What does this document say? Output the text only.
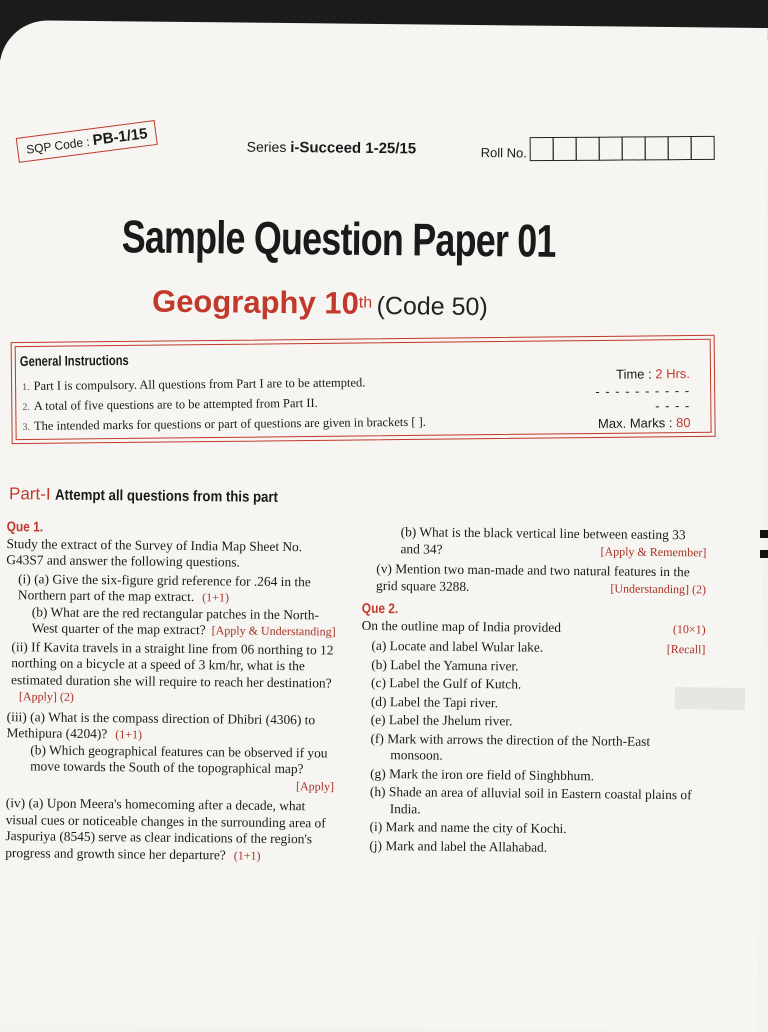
SQP Code : PB-1/15	Series i-Succeed 1-25/15	Roll No.
Sample Question Paper 01
Geography 10th (Code 50)
General Instructions
1. Part I is compulsory. All questions from Part I are to be attempted.
2. A total of five questions are to be attempted from Part II.
3. The intended marks for questions or part of questions are given in brackets [ ].
Time : 2 Hrs.
- - - - - - - - - - - - - -
Max. Marks : 80
Part-I Attempt all questions from this part
Que 1.

Study the extract of the Survey of India Map Sheet No. G43S7 and answer the following questions.

(i) (a) Give the six-figure grid reference for .264 in the Northern part of the map extract. (1+1)
(b) What are the red rectangular patches in the North-West quarter of the map extract? [Apply & Understanding]
(ii) If Kavita travels in a straight line from 06 northing to 12 northing on a bicycle at a speed of 3 km/hr, what is the estimated duration she will require to reach her destination?[Apply] (2)
(iii) (a) What is the compass direction of Dhibri (4306) to Methipura (4204)? (1+1)
(b) Which geographical features can be observed if you move towards the South of the topographical map?
[Apply]
(iv) (a) Upon Meera's homecoming after a decade, what visual cues or noticeable changes in the surrounding area of Jaspuriya (8545) serve as clear indications of the region's progress and growth since her departure? (1+1)
(b) What is the black vertical line between easting 33 and 34?	[Apply & Remember]
(v) Mention two man-made and two natural features in the grid square 3288.	[Understanding] (2)
Que 2.

On the outline map of India provided	(10×1)

(a) Locate and label Wular lake.	[Recall]
(b) Label the Yamuna river.
(c) Label the Gulf of Kutch.
(d) Label the Tapi river.
(e) Label the Jhelum river.
(f) Mark with arrows the direction of the North-East monsoon.
(g) Mark the iron ore field of Singhbhum.
(h) Shade an area of alluvial soil in Eastern coastal plains of India.
(i) Mark and name the city of Kochi.
(j) Mark and label the Allahabad.
